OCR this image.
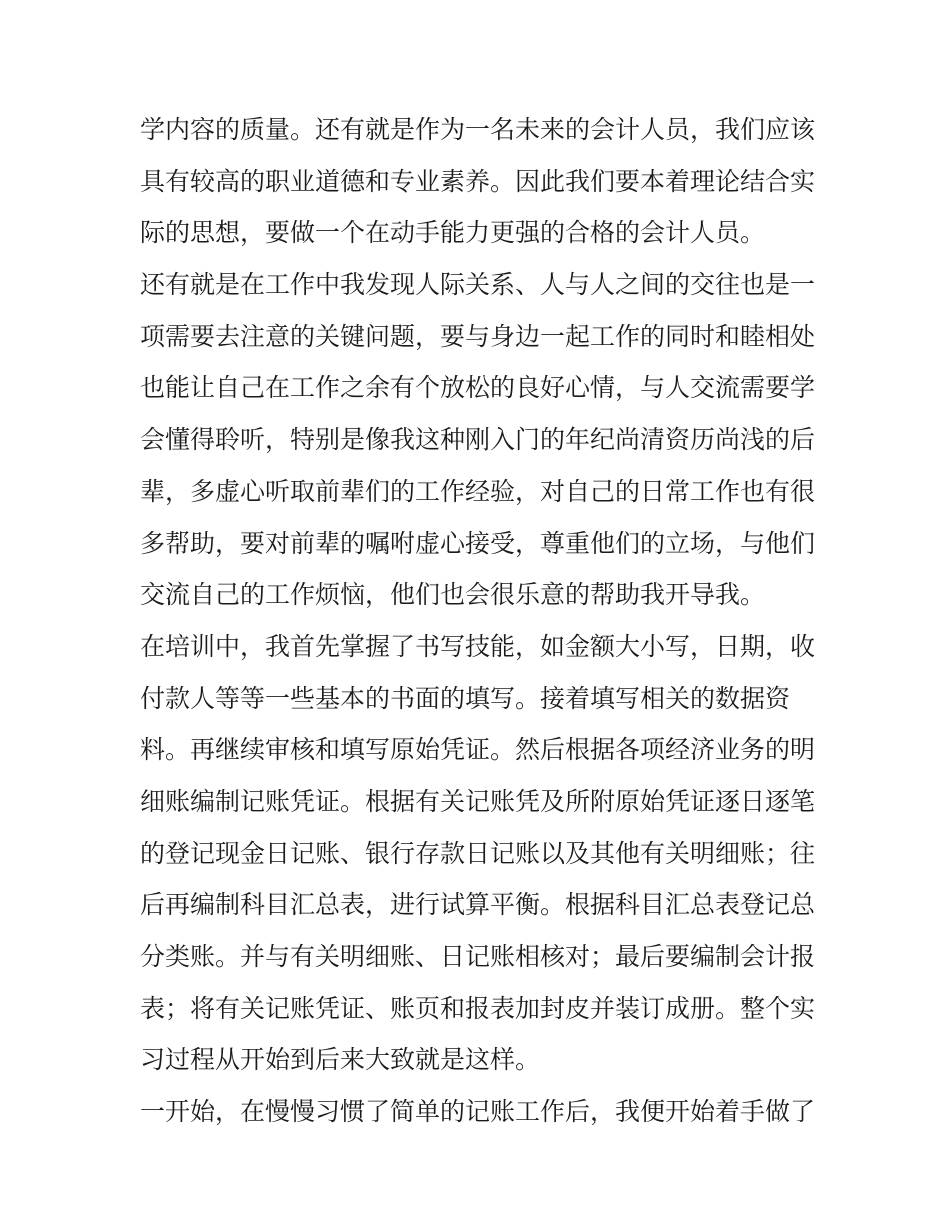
学内容的质量。还有就是作为一名未来的会计人员，我们应该
具有较高的职业道德和专业素养。因此我们要本着理论结合实
际的思想，要做一个在动手能力更强的合格的会计人员。
还有就是在工作中我发现人际关系、人与人之间的交往也是一
项需要去注意的关键问题，要与身边一起工作的同时和睦相处
也能让自己在工作之余有个放松的良好心情，与人交流需要学
会懂得聆听，特别是像我这种刚入门的年纪尚清资历尚浅的后
辈，多虚心听取前辈们的工作经验，对自己的日常工作也有很
多帮助，要对前辈的嘱咐虚心接受，尊重他们的立场，与他们
交流自己的工作烦恼，他们也会很乐意的帮助我开导我。
在培训中，我首先掌握了书写技能，如金额大小写，日期，收
付款人等等一些基本的书面的填写。接着填写相关的数据资
料。再继续审核和填写原始凭证。然后根据各项经济业务的明
细账编制记账凭证。根据有关记账凭及所附原始凭证逐日逐笔
的登记现金日记账、银行存款日记账以及其他有关明细账；往
后再编制科目汇总表，进行试算平衡。根据科目汇总表登记总
分类账。并与有关明细账、日记账相核对；最后要编制会计报
表；将有关记账凭证、账页和报表加封皮并装订成册。整个实
习过程从开始到后来大致就是这样。
一开始，在慢慢习惯了简单的记账工作后，我便开始着手做了
